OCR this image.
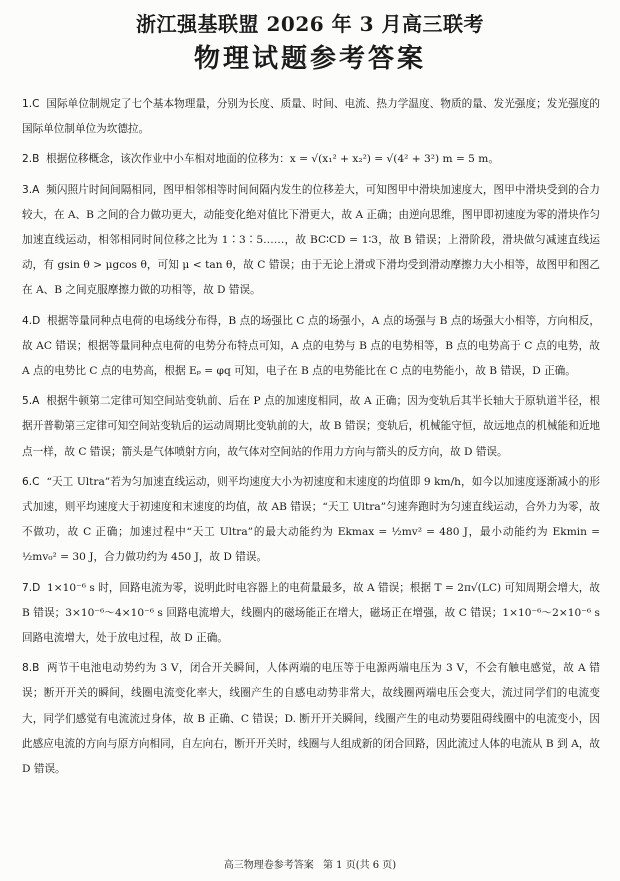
浙江强基联盟 2026 年 3 月高三联考
物理试题参考答案

1.C 国际单位制规定了七个基本物理量，分别为长度、质量、时间、电流、热力学温度、物质的量、发光强度；发光强度的国际单位制单位为坎德拉。

2.B 根据位移概念，该次作业中小车相对地面的位移为：x = √(x₁² + x₂²) = √(4² + 3²) m = 5 m。

3.A 频闪照片时间间隔相同，图甲相邻相等时间间隔内发生的位移差大，可知图甲中滑块加速度大，图甲中滑块受到的合力较大，在 A、B 之间的合力做功更大，动能变化绝对值比下滑更大，故 A 正确；由逆向思维，图甲即初速度为零的滑块作匀加速直线运动，相邻相同时间位移之比为 1∶3∶5……，故 BC∶CD = 1∶3，故 B 错误；上滑阶段，滑块做匀减速直线运动，有 gsin θ > μgcos θ，可知 μ < tan θ，故 C 错误；由于无论上滑或下滑均受到滑动摩擦力大小相等，故图甲和图乙在 A、B 之间克服摩擦力做的功相等，故 D 错误。

4.D 根据等量同种点电荷的电场线分布得，B 点的场强比 C 点的场强小，A 点的场强与 B 点的场强大小相等，方向相反，故 AC 错误；根据等量同种点电荷的电势分布特点可知，A 点的电势与 B 点的电势相等，B 点的电势高于 C 点的电势，故 A 点的电势比 C 点的电势高，根据 Eₚ = φq 可知，电子在 B 点的电势能比在 C 点的电势能小，故 B 错误，D 正确。

5.A 根据牛顿第二定律可知空间站变轨前、后在 P 点的加速度相同，故 A 正确；因为变轨后其半长轴大于原轨道半径，根据开普勒第三定律可知空间站变轨后的运动周期比变轨前的大，故 B 错误；变轨后，机械能守恒，故远地点的机械能和近地点一样，故 C 错误；箭头是气体喷射方向，故气体对空间站的作用力方向与箭头的反方向，故 D 错误。

6.C “天工 Ultra”若为匀加速直线运动，则平均速度大小为初速度和末速度的均值即 9 km/h，如今以加速度逐渐减小的形式加速，则平均速度大于初速度和末速度的均值，故 AB 错误；“天工 Ultra”匀速奔跑时为匀速直线运动，合外力为零，故不做功，故 C 正确；加速过程中“天工 Ultra”的最大动能约为 Ekmax = ½mv² = 480 J，最小动能约为 Ekmin = ½mv₀² = 30 J，合力做功约为 450 J，故 D 错误。

7.D 1×10⁻⁶ s 时，回路电流为零，说明此时电容器上的电荷量最多，故 A 错误；根据 T = 2π√(LC) 可知周期会增大，故 B 错误；3×10⁻⁶～4×10⁻⁶ s 回路电流增大，线圈内的磁场能正在增大，磁场正在增强，故 C 错误；1×10⁻⁶～2×10⁻⁶ s 回路电流增大，处于放电过程，故 D 正确。

8.B 两节干电池电动势约为 3 V，闭合开关瞬间，人体两端的电压等于电源两端电压为 3 V，不会有触电感觉，故 A 错误；断开开关的瞬间，线圈电流变化率大，线圈产生的自感电动势非常大，故线圈两端电压会变大，流过同学们的电流变大，同学们感觉有电流流过身体，故 B 正确、C 错误；D. 断开开关瞬间，线圈产生的电动势要阻碍线圈中的电流变小，因此感应电流的方向与原方向相同，自左向右，断开开关时，线圈与人组成新的闭合回路，因此流过人体的电流从 B 到 A，故 D 错误。

高三物理卷参考答案 第 1 页(共 6 页)
